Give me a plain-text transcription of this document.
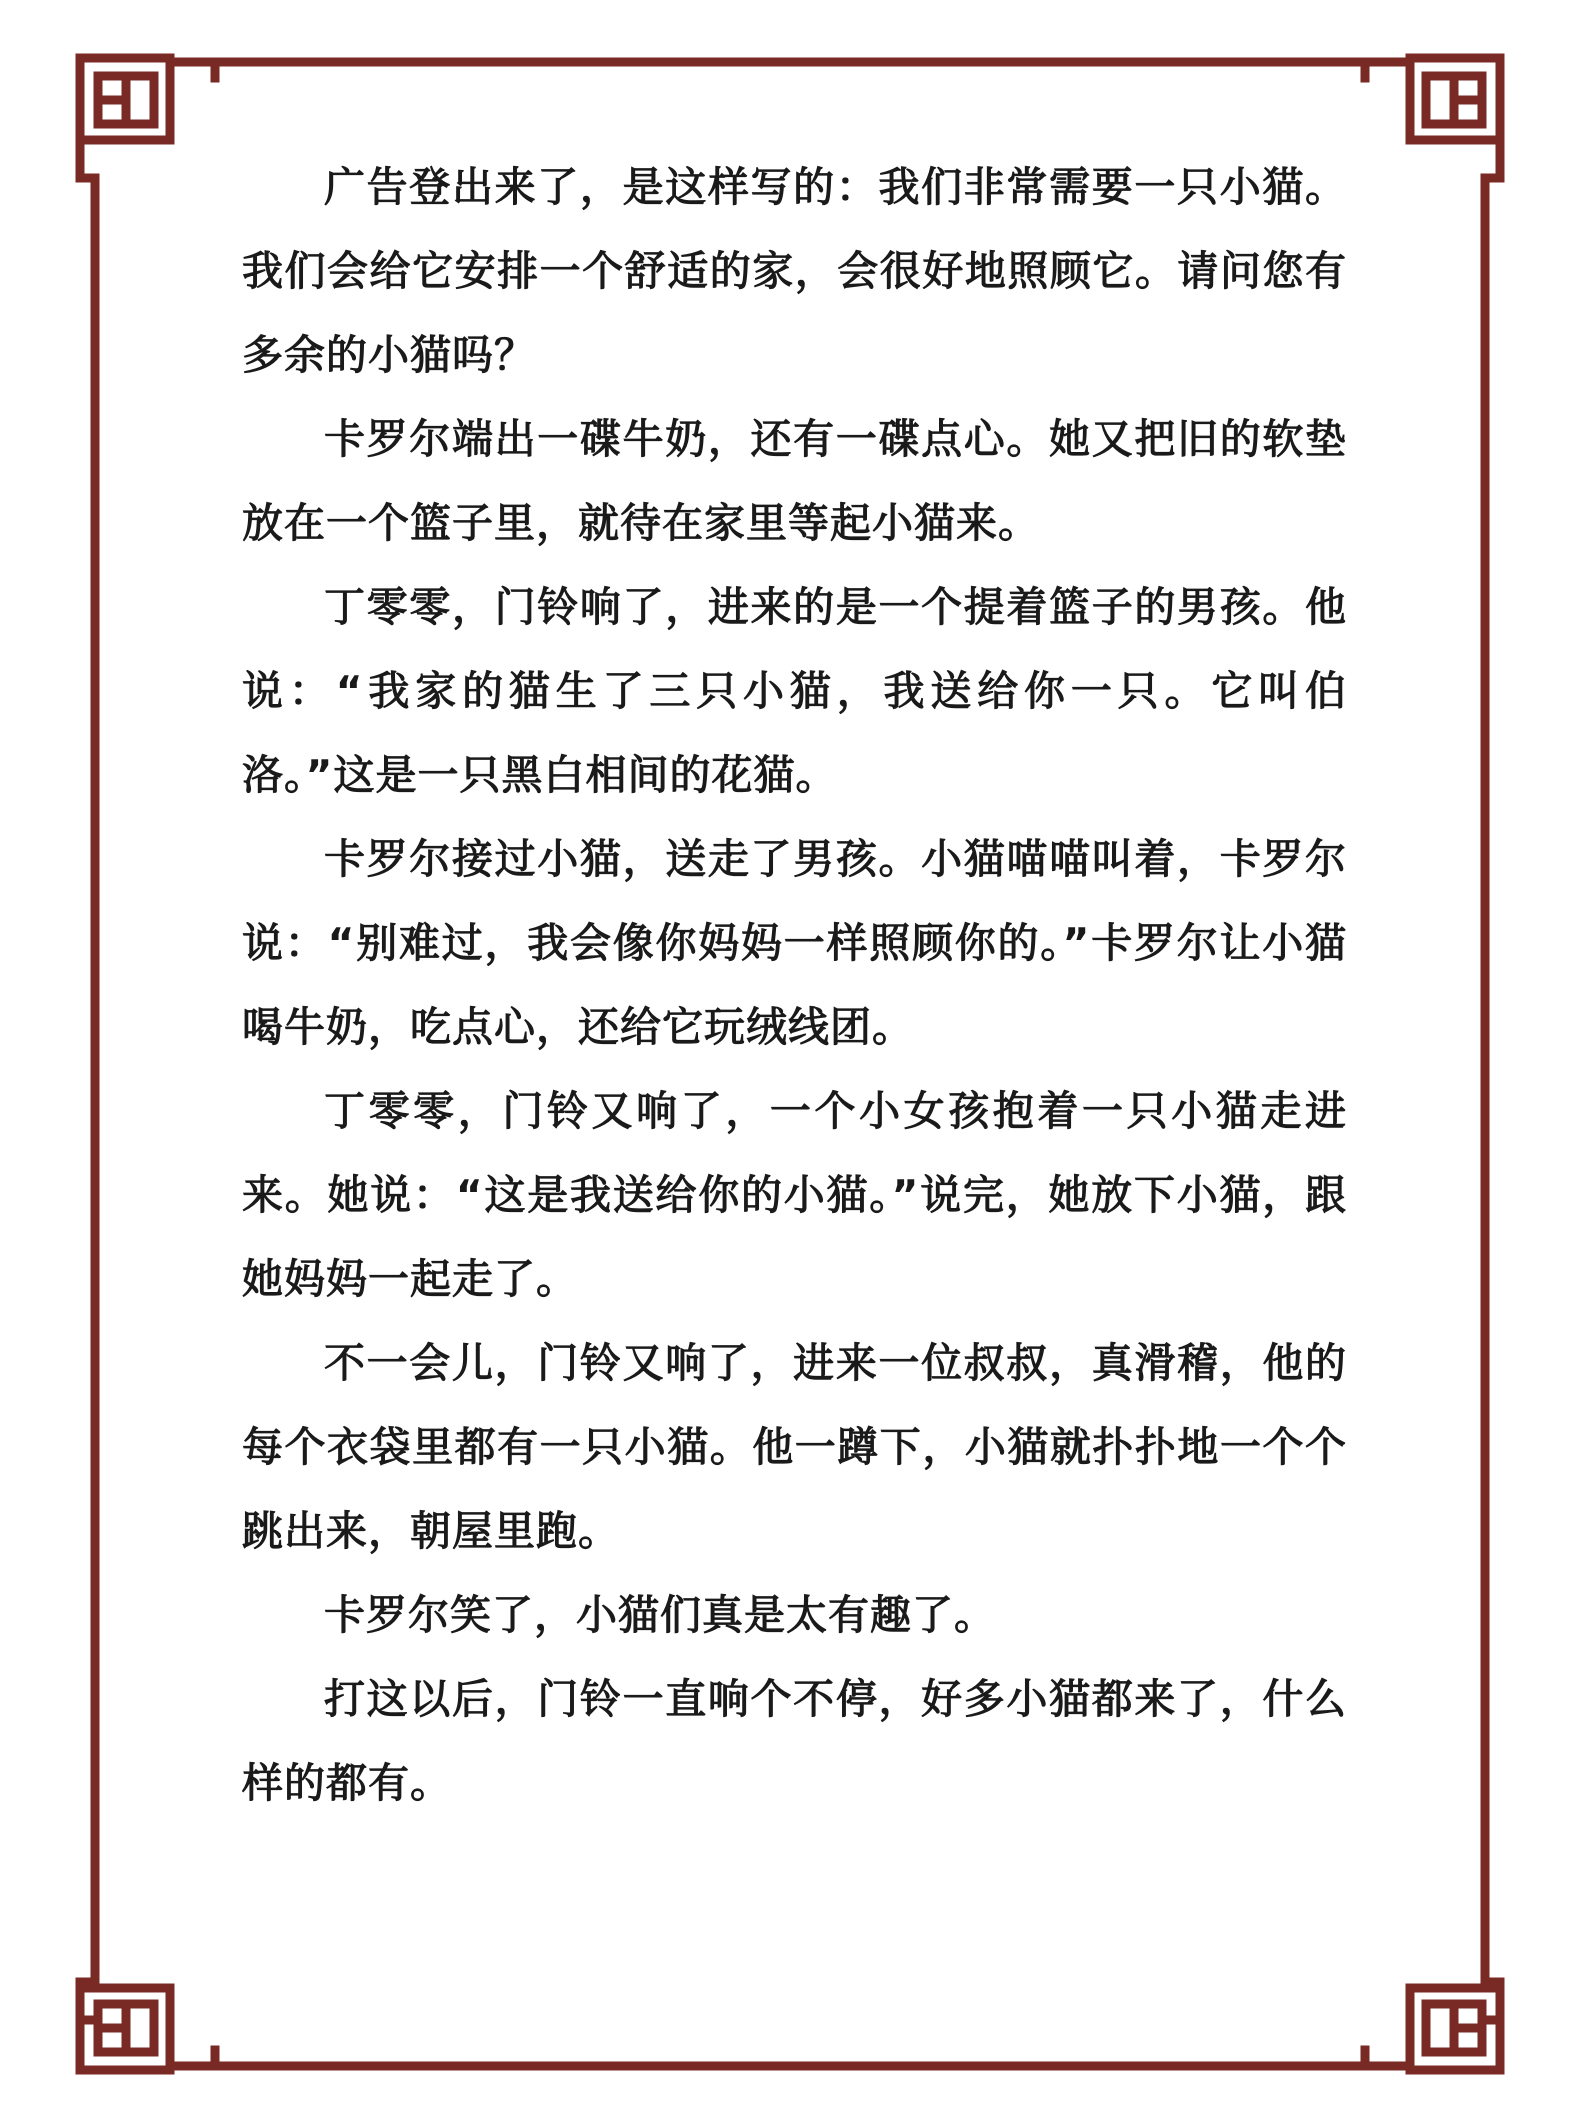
广告登出来了，是这样写的：我们非常需要一只小猫。我们会给它安排一个舒适的家，会很好地照顾它。请问您有多余的小猫吗？

卡罗尔端出一碟牛奶，还有一碟点心。她又把旧的软垫放在一个篮子里，就待在家里等起小猫来。

丁零零，门铃响了，进来的是一个提着篮子的男孩。他说：“我家的猫生了三只小猫，我送给你一只。它叫伯洛。”这是一只黑白相间的花猫。

卡罗尔接过小猫，送走了男孩。小猫喵喵叫着，卡罗尔说：“别难过，我会像你妈妈一样照顾你的。”卡罗尔让小猫喝牛奶，吃点心，还给它玩绒线团。

丁零零，门铃又响了，一个小女孩抱着一只小猫走进来。她说：“这是我送给你的小猫。”说完，她放下小猫，跟她妈妈一起走了。

不一会儿，门铃又响了，进来一位叔叔，真滑稽，他的每个衣袋里都有一只小猫。他一蹲下，小猫就扑扑地一个个跳出来，朝屋里跑。

卡罗尔笑了，小猫们真是太有趣了。

打这以后，门铃一直响个不停，好多小猫都来了，什么样的都有。
